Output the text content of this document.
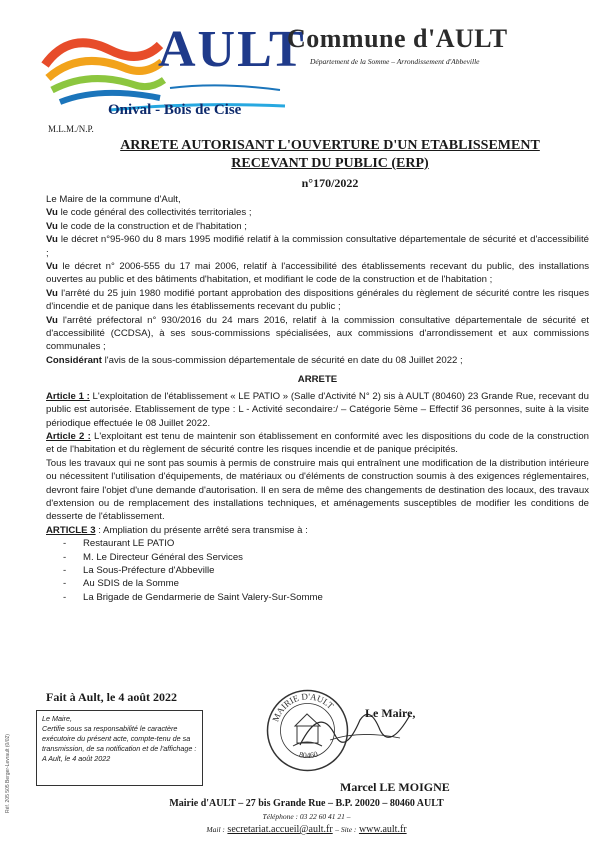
AULT
Onival - Bois de Cise
Commune d'AULT
Département de la Somme – Arrondissement d'Abbeville
M.L.M./N.P.
ARRETE AUTORISANT L'OUVERTURE D'UN ETABLISSEMENT
RECEVANT DU PUBLIC (ERP)
n°170/2022

Le Maire de la commune d'Ault,

Vu le code général des collectivités territoriales ;

Vu le code de la construction et de l'habitation ;

Vu le décret n°95-960 du 8 mars 1995 modifié relatif à la commission consultative départementale de sécurité et d'accessibilité ;

Vu le décret n° 2006-555 du 17 mai 2006, relatif à l'accessibilité des établissements recevant du public, des installations ouvertes au public et des bâtiments d'habitation, et modifiant le code de la construction et de l'habitation ;

Vu l'arrêté du 25 juin 1980 modifié portant approbation des dispositions générales du règlement de sécurité contre les risques d'incendie et de panique dans les établissements recevant du public ;

Vu l'arrêté préfectoral n° 930/2016 du 24 mars 2016, relatif à la commission consultative départementale de sécurité et d'accessibilité (CCDSA), à ses sous-commissions spécialisées, aux commissions d'arrondissement et aux commissions communales ;

Considérant l'avis de la sous-commission départementale de sécurité en date du 08 Juillet 2022 ;

ARRETE

Article 1 : L'exploitation de l'établissement « LE PATIO » (Salle d'Activité N° 2) sis à AULT (80460) 23 Grande Rue, recevant du public est autorisée. Etablissement de type : L - Activité secondaire:/ – Catégorie 5ème – Effectif 36 personnes, suite à la visite périodique effectuée le 08 Juillet 2022.

Article 2 : L'exploitant est tenu de maintenir son établissement en conformité avec les dispositions du code de la construction et de l'habitation et du règlement de sécurité contre les risques incendie et de panique précipités.

Tous les travaux qui ne sont pas soumis à permis de construire mais qui entraînent une modification de la distribution intérieure ou nécessitent l'utilisation d'équipements, de matériaux ou d'éléments de construction soumis à des exigences réglementaires, devront faire l'objet d'une demande d'autorisation. Il en sera de même des changements de destination des locaux, des travaux d'extension ou de remplacement des installations techniques, et aménagements susceptibles de modifier les conditions de desserte de l'établissement.

ARTICLE 3 : Ampliation du présente arrêté sera transmise à :

- Restaurant LE PATIO
- M. Le Directeur Général des Services
- La Sous-Préfecture d'Abbeville
- Au SDIS de la Somme
- La Brigade de Gendarmerie de Saint Valery-Sur-Somme
Fait à Ault, le 4 août 2022
Le Maire,
Certifie sous sa responsabilité le caractère exécutoire du présent acte, compte-tenu de sa transmission, de sa notification et de l'affichage :
A Ault, le 4 août 2022
MAIRIE D'AULT
80460
Le Maire,
Marcel LE MOIGNE
Mairie d'AULT – 27 bis Grande Rue – B.P. 20020 – 80460 AULT
Téléphone : 03 22 60 41 21 –
Mail : secretariat.accueil@ault.fr – Site : www.ault.fr
Réf. 205 505 Berger-Levrault (0/02)
